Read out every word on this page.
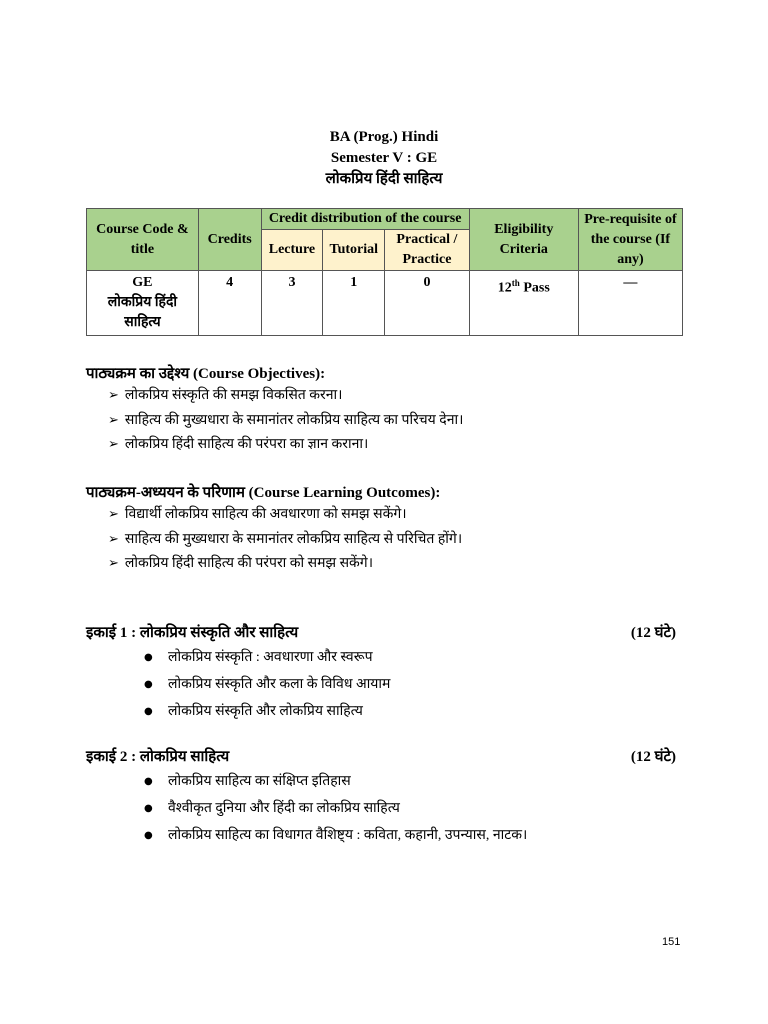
BA (Prog.) Hindi
Semester V : GE
लोकप्रिय हिंदी साहित्य
Course Code & title	Credits	Credit distribution of the course			Eligibility Criteria	Pre-requisite of the course (If any)
		Lecture	Tutorial	Practical / Practice		

GE
लोकप्रिय हिंदी साहित्य	4	3	1	0	12th Pass	—
पाठ्यक्रम का उद्देश्य (Course Objectives):
➢ लोकप्रिय संस्कृति की समझ विकसित करना।
➢ साहित्य की मुख्यधारा के समानांतर लोकप्रिय साहित्य का परिचय देना।
➢ लोकप्रिय हिंदी साहित्य की परंपरा का ज्ञान कराना।
पाठ्यक्रम-अध्ययन के परिणाम (Course Learning Outcomes):
➢ विद्यार्थी लोकप्रिय साहित्य की अवधारणा को समझ सकेंगे।
➢ साहित्य की मुख्यधारा के समानांतर लोकप्रिय साहित्य से परिचित होंगे।
➢ लोकप्रिय हिंदी साहित्य की परंपरा को समझ सकेंगे।
इकाई 1 : लोकप्रिय संस्कृति और साहित्य	(12 घंटे)
● लोकप्रिय संस्कृति : अवधारणा और स्वरूप
● लोकप्रिय संस्कृति और कला के विविध आयाम
● लोकप्रिय संस्कृति और लोकप्रिय साहित्य
इकाई 2 : लोकप्रिय साहित्य	(12 घंटे)
● लोकप्रिय साहित्य का संक्षिप्त इतिहास
● वैश्वीकृत दुनिया और हिंदी का लोकप्रिय साहित्य
● लोकप्रिय साहित्य का विधागत वैशिष्ट्य : कविता, कहानी, उपन्यास, नाटक।
151
